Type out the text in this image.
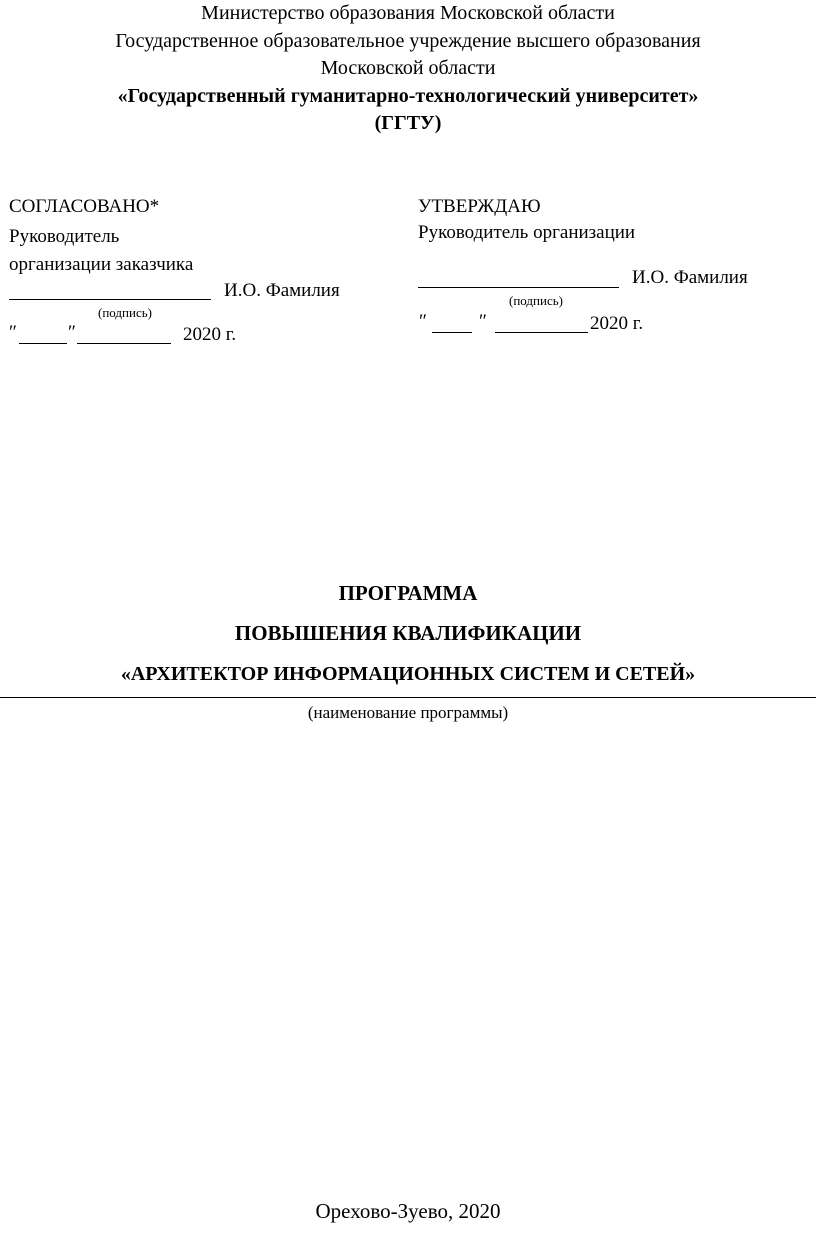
Министерство образования Московской области
Государственное образовательное учреждение высшего образования
Московской области
«Государственный гуманитарно-технологический университет»
(ГГТУ)
СОГЛАСОВАНО*
Руководитель
организации заказчика
И.О. Фамилия
(подпись)
″	″	2020 г.
УТВЕРЖДАЮ
Руководитель организации
И.О. Фамилия
(подпись)
″	″	2020 г.
ПРОГРАММА
ПОВЫШЕНИЯ КВАЛИФИКАЦИИ
«АРХИТЕКТОР ИНФОРМАЦИОННЫХ СИСТЕМ И СЕТЕЙ»
(наименование программы)
Орехово-Зуево, 2020
